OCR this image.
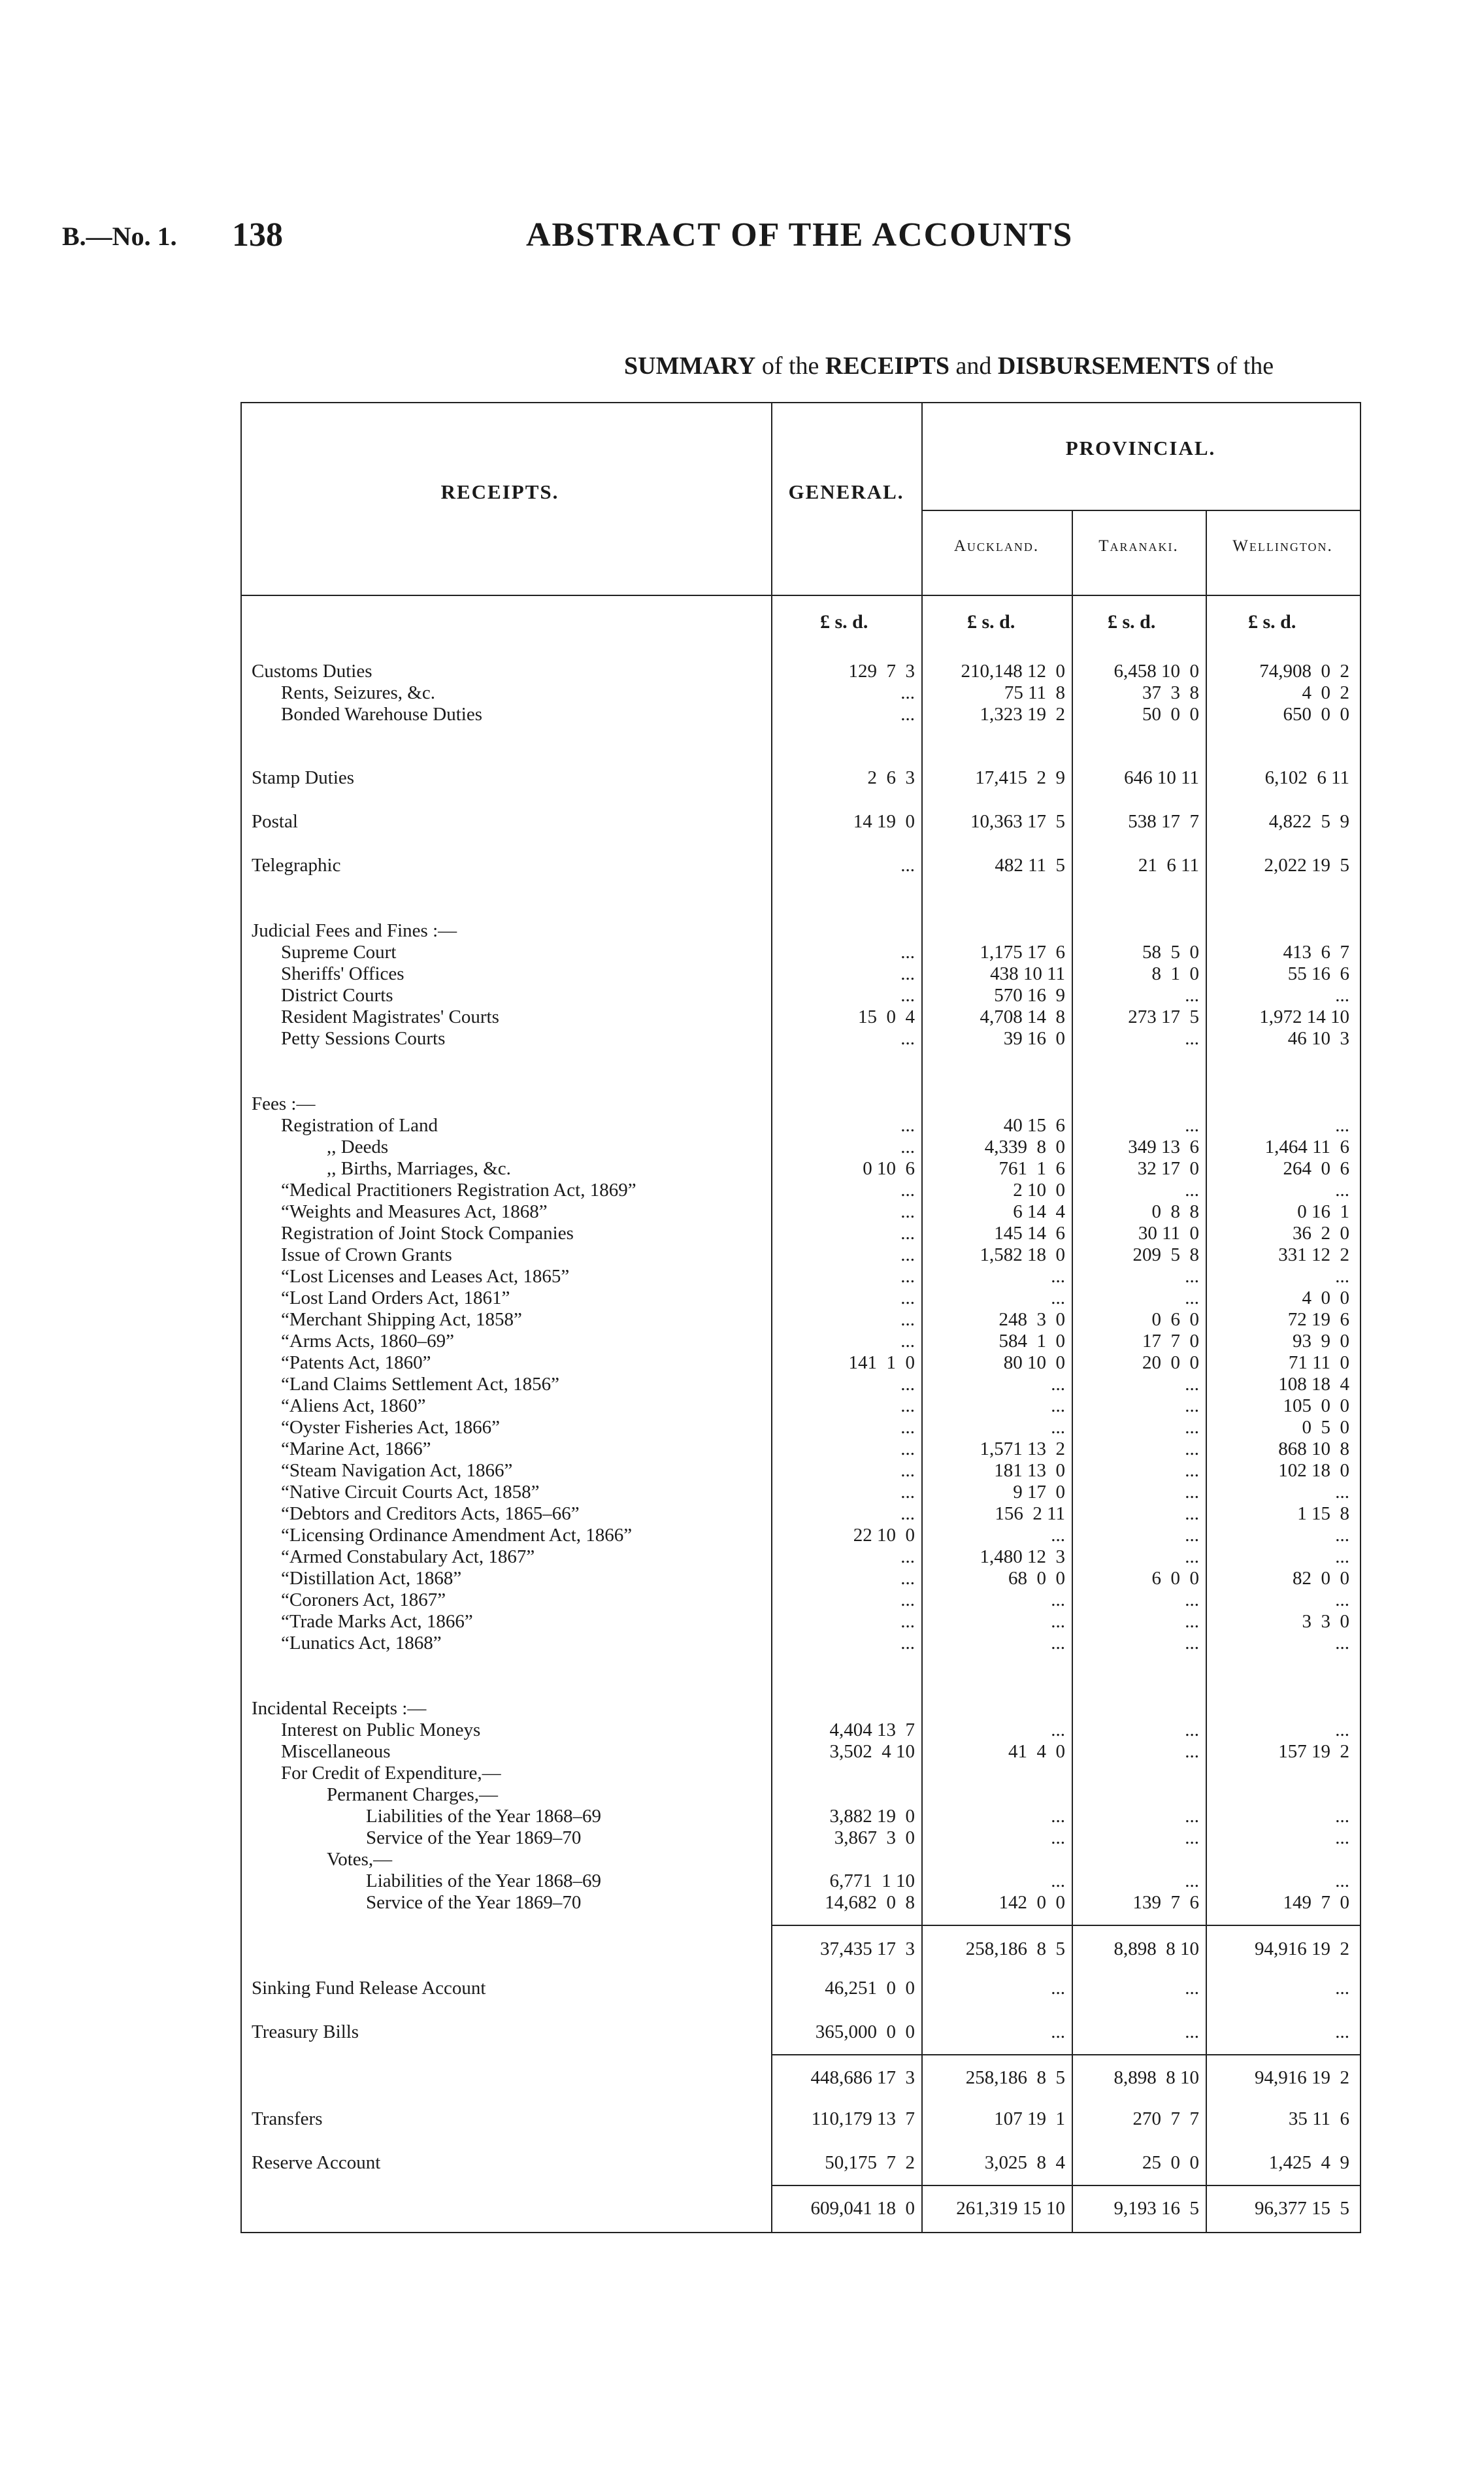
B.—No. 1. 138	ABSTRACT OF THE ACCOUNTS
SUMMARY of the RECEIPTS and DISBURSEMENTS of the
RECEIPTS.	GENERAL.
PROVINCIAL.
Auckland.	Taranaki.	Wellington.
£ s. d.	£ s. d.	£ s. d.	£ s. d.
Customs Duties	129  7  3	210,148 12  0	6,458 10  0	74,908  0  2
Rents, Seizures, &c.	...	75 11  8	37  3  8	4  0  2
Bonded Warehouse Duties	...	1,323 19  2	50  0  0	650  0  0
Stamp Duties	2  6  3	17,415  2  9	646 10 11	6,102  6 11
Postal	14 19  0	10,363 17  5	538 17  7	4,822  5  9
Telegraphic	...	482 11  5	21  6 11	2,022 19  5
Judicial Fees and Fines :—
Supreme Court	...	1,175 17  6	58  5  0	413  6  7
Sheriffs' Offices	...	438 10 11	8  1  0	55 16  6
District Courts	...	570 16  9	...	...
Resident Magistrates' Courts	15  0  4	4,708 14  8	273 17  5	1,972 14 10
Petty Sessions Courts	...	39 16  0	...	46 10  3
Fees :—
Registration of Land	...	40 15  6	...	...
,, Deeds	...	4,339  8  0	349 13  6	1,464 11  6
,, Births, Marriages, &c.	0 10  6	761  1  6	32 17  0	264  0  6
“Medical Practitioners Registration Act, 1869”	...	2 10  0	...	...
“Weights and Measures Act, 1868”	...	6 14  4	0  8  8	0 16  1
Registration of Joint Stock Companies	...	145 14  6	30 11  0	36  2  0
Issue of Crown Grants	...	1,582 18  0	209  5  8	331 12  2
“Lost Licenses and Leases Act, 1865”	...	...	...	...
“Lost Land Orders Act, 1861”	...	...	...	4  0  0
“Merchant Shipping Act, 1858”	...	248  3  0	0  6  0	72 19  6
“Arms Acts, 1860–69”	...	584  1  0	17  7  0	93  9  0
“Patents Act, 1860”	141  1  0	80 10  0	20  0  0	71 11  0
“Land Claims Settlement Act, 1856”	...	...	...	108 18  4
“Aliens Act, 1860”	...	...	...	105  0  0
“Oyster Fisheries Act, 1866”	...	...	...	0  5  0
“Marine Act, 1866”	...	1,571 13  2	...	868 10  8
“Steam Navigation Act, 1866”	...	181 13  0	...	102 18  0
“Native Circuit Courts Act, 1858”	...	9 17  0	...	...
“Debtors and Creditors Acts, 1865–66”	...	156  2 11	...	1 15  8
“Licensing Ordinance Amendment Act, 1866”	22 10  0	...	...	...
“Armed Constabulary Act, 1867”	...	1,480 12  3	...	...
“Distillation Act, 1868”	...	68  0  0	6  0  0	82  0  0
“Coroners Act, 1867”	...	...	...	...
“Trade Marks Act, 1866”	...	...	...	3  3  0
“Lunatics Act, 1868”	...	...	...	...
Incidental Receipts :—
Interest on Public Moneys	4,404 13  7	...	...	...
Miscellaneous	3,502  4 10	41  4  0	...	157 19  2
For Credit of Expenditure,—
Permanent Charges,—
Liabilities of the Year 1868–69	3,882 19  0	...	...	...
Service of the Year 1869–70	3,867  3  0	...	...	...
Votes,—
Liabilities of the Year 1868–69	6,771  1 10	...	...	...
Service of the Year 1869–70	14,682  0  8	142  0  0	139  7  6	149  7  0
37,435 17  3	258,186  8  5	8,898  8 10	94,916 19  2
Sinking Fund Release Account	46,251  0  0	...	...	...
Treasury Bills	365,000  0  0	...	...	...
448,686 17  3	258,186  8  5	8,898  8 10	94,916 19  2
Transfers	110,179 13  7	107 19  1	270  7  7	35 11  6
Reserve Account	50,175  7  2	3,025  8  4	25  0  0	1,425  4  9
609,041 18  0	261,319 15 10	9,193 16  5	96,377 15  5
